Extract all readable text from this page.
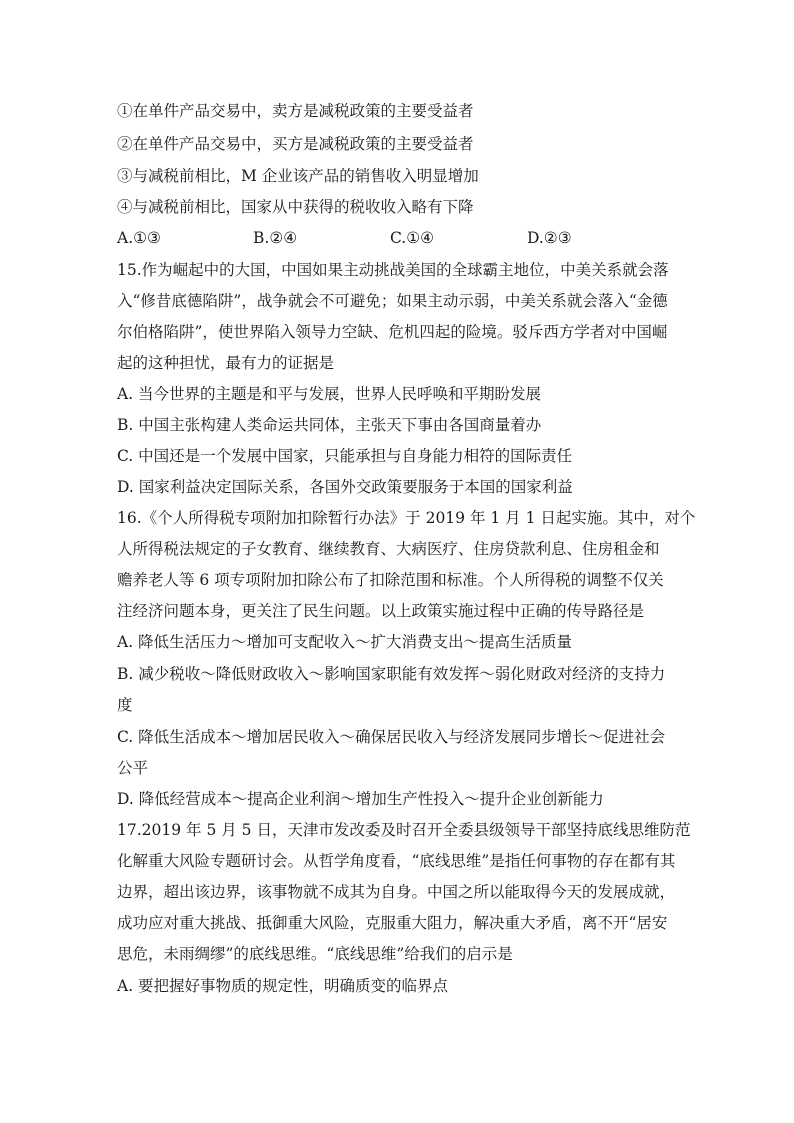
①在单件产品交易中，卖方是减税政策的主要受益者
②在单件产品交易中，买方是减税政策的主要受益者
③与减税前相比，M 企业该产品的销售收入明显增加
④与减税前相比，国家从中获得的税收收入略有下降
A.①③	B.②④	C.①④	D.②③
15.作为崛起中的大国，中国如果主动挑战美国的全球霸主地位，中美关系就会落
入“修昔底德陷阱”，战争就会不可避免；如果主动示弱，中美关系就会落入“金德
尔伯格陷阱”，使世界陷入领导力空缺、危机四起的险境。驳斥西方学者对中国崛
起的这种担忧，最有力的证据是
A. 当今世界的主题是和平与发展，世界人民呼唤和平期盼发展
B. 中国主张构建人类命运共同体，主张天下事由各国商量着办
C. 中国还是一个发展中国家，只能承担与自身能力相符的国际责任
D. 国家利益决定国际关系，各国外交政策要服务于本国的国家利益
16.《个人所得税专项附加扣除暂行办法》于 2019 年 1 月 1 日起实施。其中，对个
人所得税法规定的子女教育、继续教育、大病医疗、住房贷款利息、住房租金和
赡养老人等 6 项专项附加扣除公布了扣除范围和标准。个人所得税的调整不仅关
注经济问题本身，更关注了民生问题。以上政策实施过程中正确的传导路径是
A. 降低生活压力～增加可支配收入～扩大消费支出～提高生活质量
B. 减少税收～降低财政收入～影响国家职能有效发挥～弱化财政对经济的支持力
度
C. 降低生活成本～增加居民收入～确保居民收入与经济发展同步增长～促进社会
公平
D. 降低经营成本～提高企业利润～增加生产性投入～提升企业创新能力
17.2019 年 5 月 5 日，天津市发改委及时召开全委县级领导干部坚持底线思维防范
化解重大风险专题研讨会。从哲学角度看，“底线思维”是指任何事物的存在都有其
边界，超出该边界，该事物就不成其为自身。中国之所以能取得今天的发展成就，
成功应对重大挑战、抵御重大风险，克服重大阻力，解决重大矛盾，离不开“居安
思危，未雨绸缪”的底线思维。“底线思维”给我们的启示是
A. 要把握好事物质的规定性，明确质变的临界点
